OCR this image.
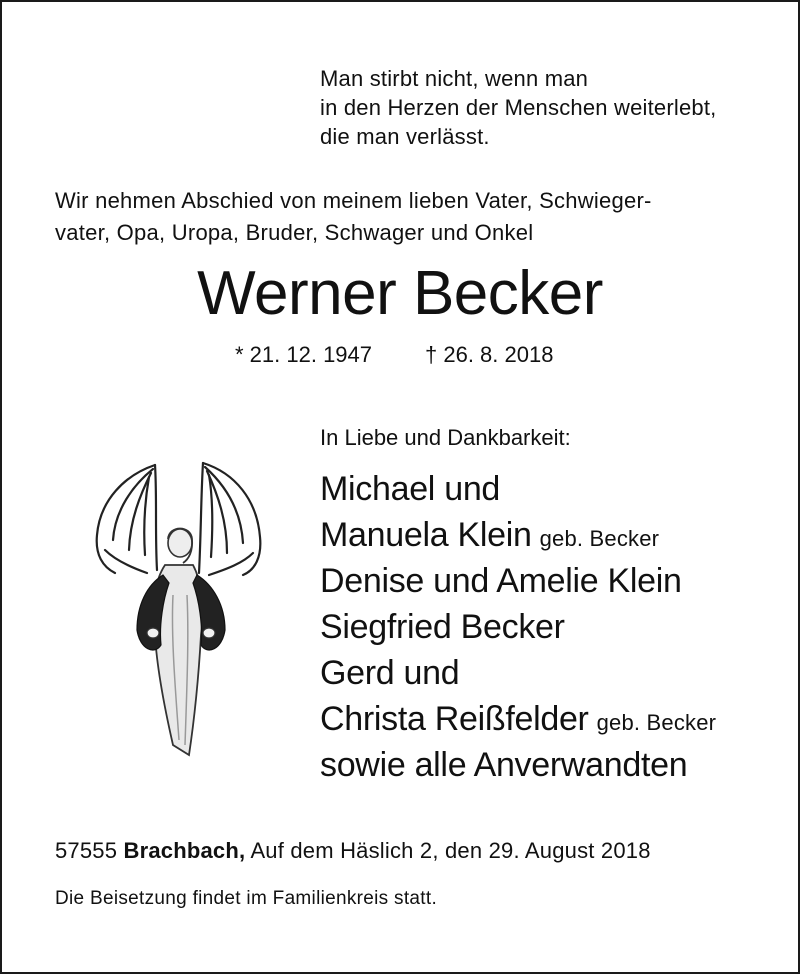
Man stirbt nicht, wenn man
in den Herzen der Menschen weiterlebt,
die man verlässt.
Wir nehmen Abschied von meinem lieben Vater, Schwieger-
vater, Opa, Uropa, Bruder, Schwager und Onkel
Werner Becker
* 21. 12. 1947 † 26. 8. 2018
In Liebe und Dankbarkeit:
Michael und
Manuela Klein geb. Becker
Denise und Amelie Klein
Siegfried Becker
Gerd und
Christa Reißfelder geb. Becker
sowie alle Anverwandten
57555 Brachbach, Auf dem Häslich 2, den 29. August 2018
Die Beisetzung findet im Familienkreis statt.
